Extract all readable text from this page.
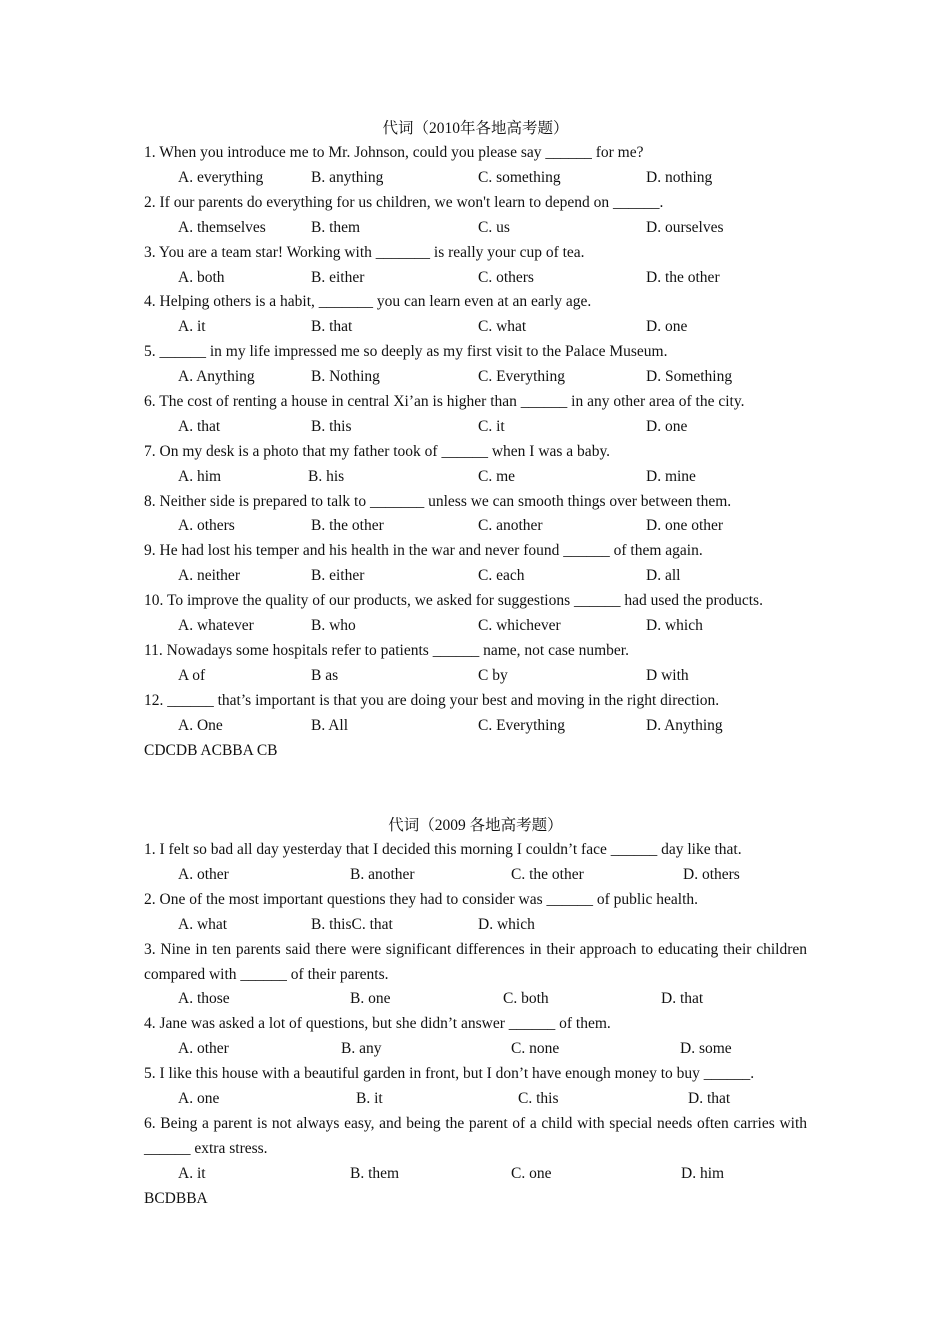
代词（2010年各地高考题）
1. When you introduce me to Mr. Johnson, could you please say ______ for me?
A. everything	B. anything	C. something	D. nothing
2. If our parents do everything for us children, we won't learn to depend on ______.
A. themselves	B. them	C. us	D. ourselves
3. You are a team star! Working with _______ is really your cup of tea.
A. both	B. either	C. others	D. the other
4. Helping others is a habit, _______ you can learn even at an early age.
A. it	B. that	C. what	D. one
5. ______ in my life impressed me so deeply as my first visit to the Palace Museum.
A. Anything	B. Nothing	C. Everything	D. Something
6. The cost of renting a house in central Xi’an is higher than ______ in any other area of the city.
A. that	B. this	C. it	D. one
7. On my desk is a photo that my father took of ______ when I was a baby.
A. him	B. his	C. me	D. mine
8. Neither side is prepared to talk to _______ unless we can smooth things over between them.
A. others	B. the other	C. another	D. one other
9. He had lost his temper and his health in the war and never found ______ of them again.
A. neither	B. either	C. each	D. all
10. To improve the quality of our products, we asked for suggestions ______ had used the products.
A. whatever	B. who	C. whichever	D. which
11. Nowadays some hospitals refer to patients ______ name, not case number.
A of	B as	C by	D with
12. ______ that’s important is that you are doing your best and moving in the right direction.
A. One	B. All	C. Everything	D. Anything
CDCDB ACBBA CB
代词（2009 各地高考题）
1. I felt so bad all day yesterday that I decided this morning I couldn’t face ______ day like that.
A. other	B. another	C. the other	D. others
2. One of the most important questions they had to consider was ______ of public health.
A. what	B. thisC. that	D. which
3. Nine in ten parents said there were significant differences in their approach to educating their children compared with ______ of their parents.
A. those	B. one	C. both	D. that
4. Jane was asked a lot of questions, but she didn’t answer ______ of them.
A. other	B. any	C. none	D. some
5. I like this house with a beautiful garden in front, but I don’t have enough money to buy ______.
A. one	B. it	C. this	D. that
6. Being a parent is not always easy, and being the parent of a child with special needs often carries with ______ extra stress.
A. it	B. them	C. one	D. him
BCDBBA
